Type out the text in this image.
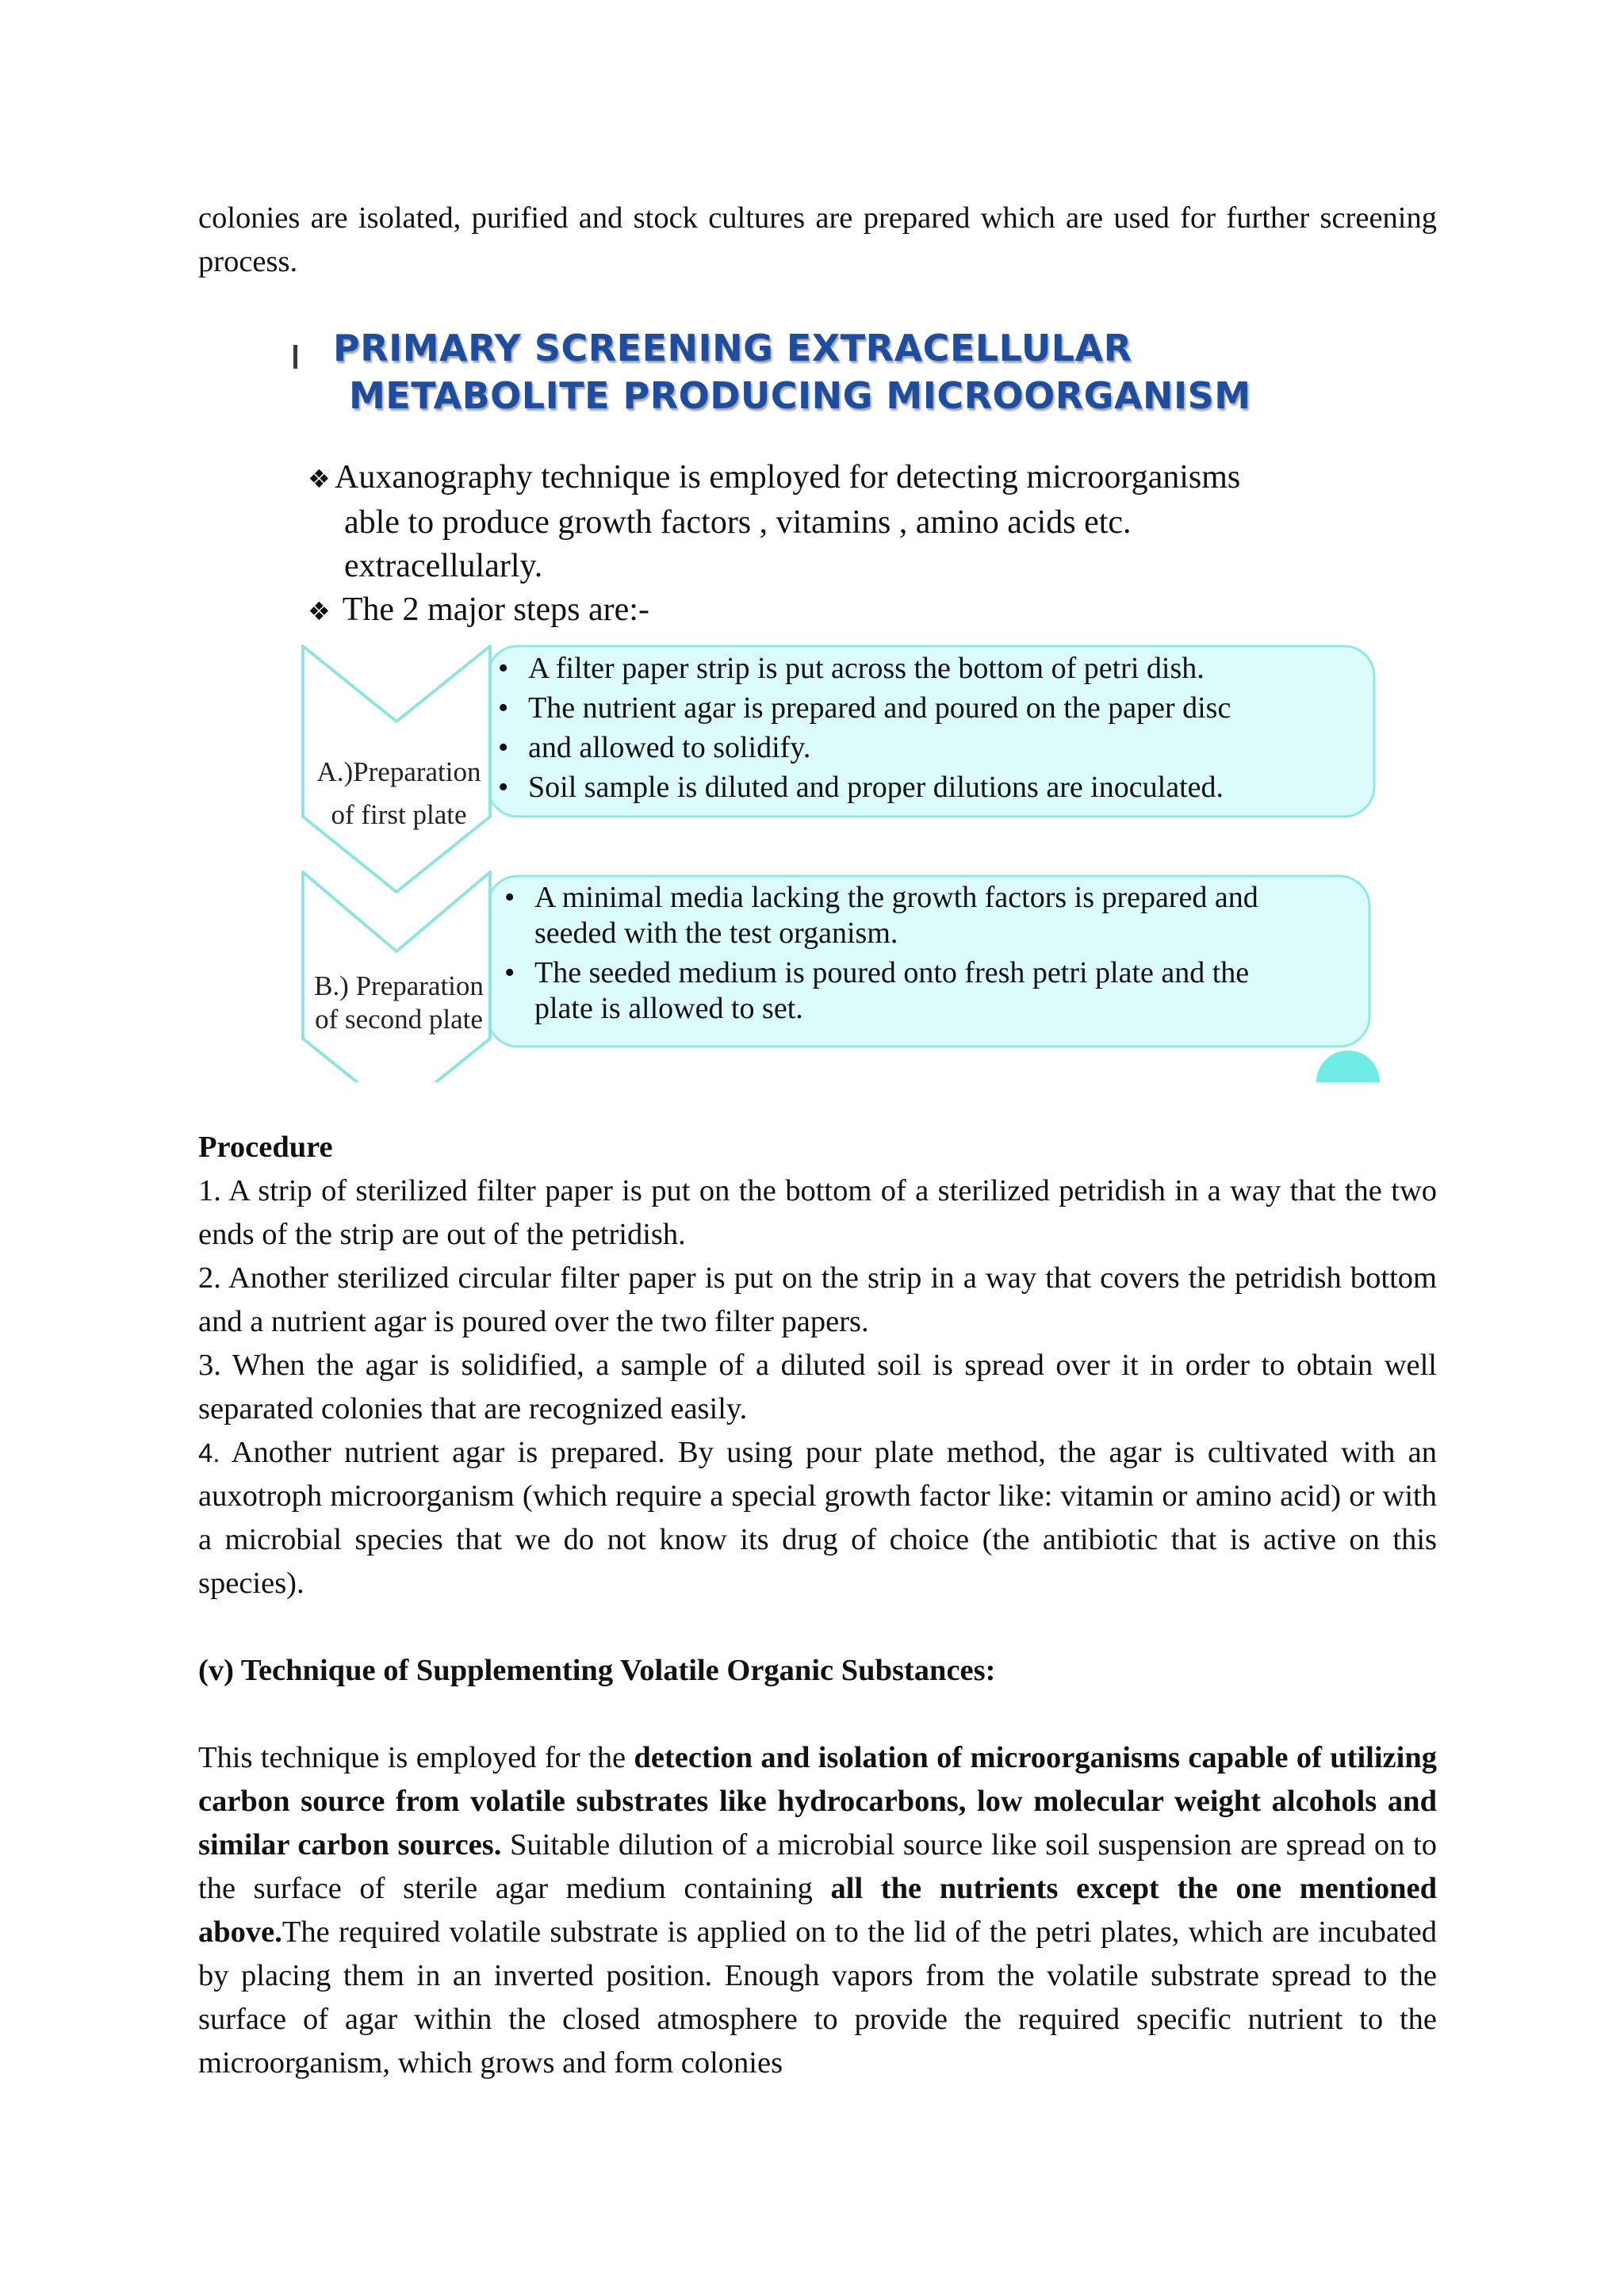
colonies are isolated, purified and stock cultures are prepared which are used for further screening process.

PRIMARY SCREENING EXTRACELLULAR
METABOLITE PRODUCING MICROORGANISM
❖ Auxanography technique is employed for detecting microorganisms
able to produce growth factors , vitamins , amino acids etc.
extracellularly.
❖ The 2 major steps are:-
A.)Preparation
of first plate
• A filter paper strip is put across the bottom of petri dish.
• The nutrient agar is prepared and poured on the paper disc
• and allowed to solidify.
• Soil sample is diluted and proper dilutions are inoculated.
B.) Preparation
of second plate
• A minimal media lacking the growth factors is prepared and
seeded with the test organism.
• The seeded medium is poured onto fresh petri plate and the
plate is allowed to set.

Procedure

1. A strip of sterilized filter paper is put on the bottom of a sterilized petridish in a way that the two ends of the strip are out of the petridish.

2. Another sterilized circular filter paper is put on the strip in a way that covers the petridish bottom and a nutrient agar is poured over the two filter papers.

3. When the agar is solidified, a sample of a diluted soil is spread over it in order to obtain well separated colonies that are recognized easily.

4. Another nutrient agar is prepared. By using pour plate method, the agar is cultivated with an auxotroph microorganism (which require a special growth factor like: vitamin or amino acid) or with a microbial species that we do not know its drug of choice (the antibiotic that is active on this species).

(v) Technique of Supplementing Volatile Organic Substances:

This technique is employed for the detection and isolation of microorganisms capable of utilizing carbon source from volatile substrates like hydrocarbons, low molecular weight alcohols and similar carbon sources. Suitable dilution of a microbial source like soil suspension are spread on to the surface of sterile agar medium containing all the nutrients except the one mentioned above.The required volatile substrate is applied on to the lid of the petri plates, which are incubated by placing them in an inverted position. Enough vapors from the volatile substrate spread to the surface of agar within the closed atmosphere to provide the required specific nutrient to the microorganism, which grows and form colonies
